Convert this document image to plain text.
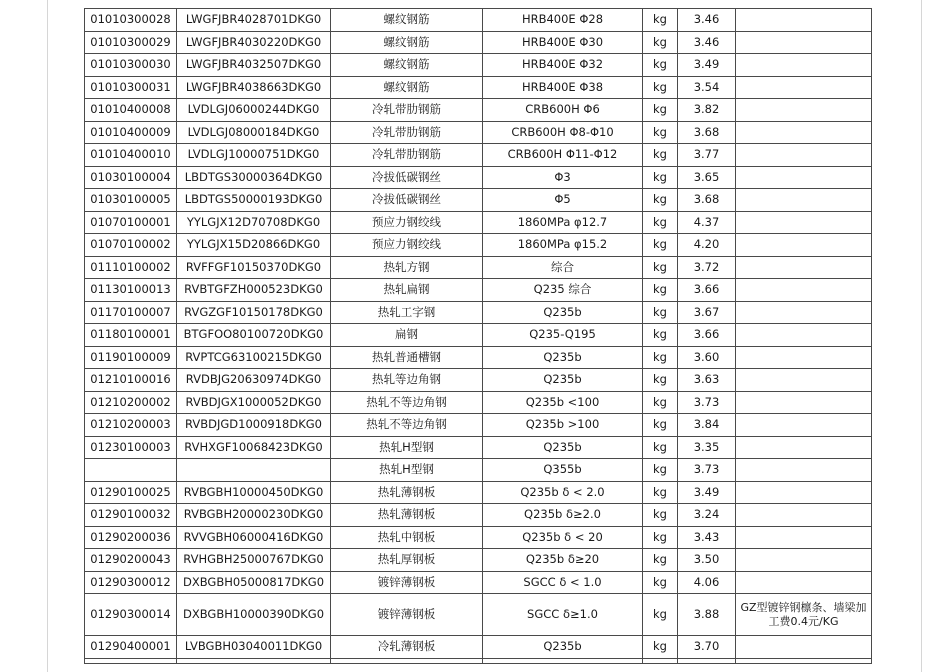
01010300028	LWGFJBR4028701DKG0	螺纹钢筋	HRB400E Φ28	kg	3.46	
01010300029	LWGFJBR4030220DKG0	螺纹钢筋	HRB400E Φ30	kg	3.46	
01010300030	LWGFJBR4032507DKG0	螺纹钢筋	HRB400E Φ32	kg	3.49	
01010300031	LWGFJBR4038663DKG0	螺纹钢筋	HRB400E Φ38	kg	3.54	
01010400008	LVDLGJ06000244DKG0	冷轧带肋钢筋	CRB600H Φ6	kg	3.82	
01010400009	LVDLGJ08000184DKG0	冷轧带肋钢筋	CRB600H Φ8-Φ10	kg	3.68	
01010400010	LVDLGJ10000751DKG0	冷轧带肋钢筋	CRB600H Φ11-Φ12	kg	3.77	
01030100004	LBDTGS30000364DKG0	冷拔低碳钢丝	Φ3	kg	3.65	
01030100005	LBDTGS50000193DKG0	冷拔低碳钢丝	Φ5	kg	3.68	
01070100001	YYLGJX12D70708DKG0	预应力钢绞线	1860MPa φ12.7	kg	4.37	
01070100002	YYLGJX15D20866DKG0	预应力钢绞线	1860MPa φ15.2	kg	4.20	
01110100002	RVFFGF10150370DKG0	热轧方钢	综合	kg	3.72	
01130100013	RVBTGFZH000523DKG0	热轧扁钢	Q235 综合	kg	3.66	
01170100007	RVGZGF10150178DKG0	热轧工字钢	Q235b	kg	3.67	
01180100001	BTGFOO80100720DKG0	扁钢	Q235-Q195	kg	3.66	
01190100009	RVPTCG63100215DKG0	热轧普通槽钢	Q235b	kg	3.60	
01210100016	RVDBJG20630974DKG0	热轧等边角钢	Q235b	kg	3.63	
01210200002	RVBDJGX1000052DKG0	热轧不等边角钢	Q235b <100	kg	3.73	
01210200003	RVBDJGD1000918DKG0	热轧不等边角钢	Q235b >100	kg	3.84	
01230100003	RVHXGF10068423DKG0	热轧H型钢	Q235b	kg	3.35	
		热轧H型钢	Q355b	kg	3.73	
01290100025	RVBGBH10000450DKG0	热轧薄钢板	Q235b δ < 2.0	kg	3.49	
01290100032	RVBGBH20000230DKG0	热轧薄钢板	Q235b δ≥2.0	kg	3.24	
01290200036	RVVGBH06000416DKG0	热轧中钢板	Q235b δ < 20	kg	3.43	
01290200043	RVHGBH25000767DKG0	热轧厚钢板	Q235b δ≥20	kg	3.50	
01290300012	DXBGBH05000817DKG0	镀锌薄钢板	SGCC δ < 1.0	kg	4.06	
01290300014	DXBGBH10000390DKG0	镀锌薄钢板	SGCC δ≥1.0	kg	3.88	GZ型镀锌钢檩条、墙梁加工费0.4元/KG
01290400001	LVBGBH03040011DKG0	冷轧薄钢板	Q235b	kg	3.70	
